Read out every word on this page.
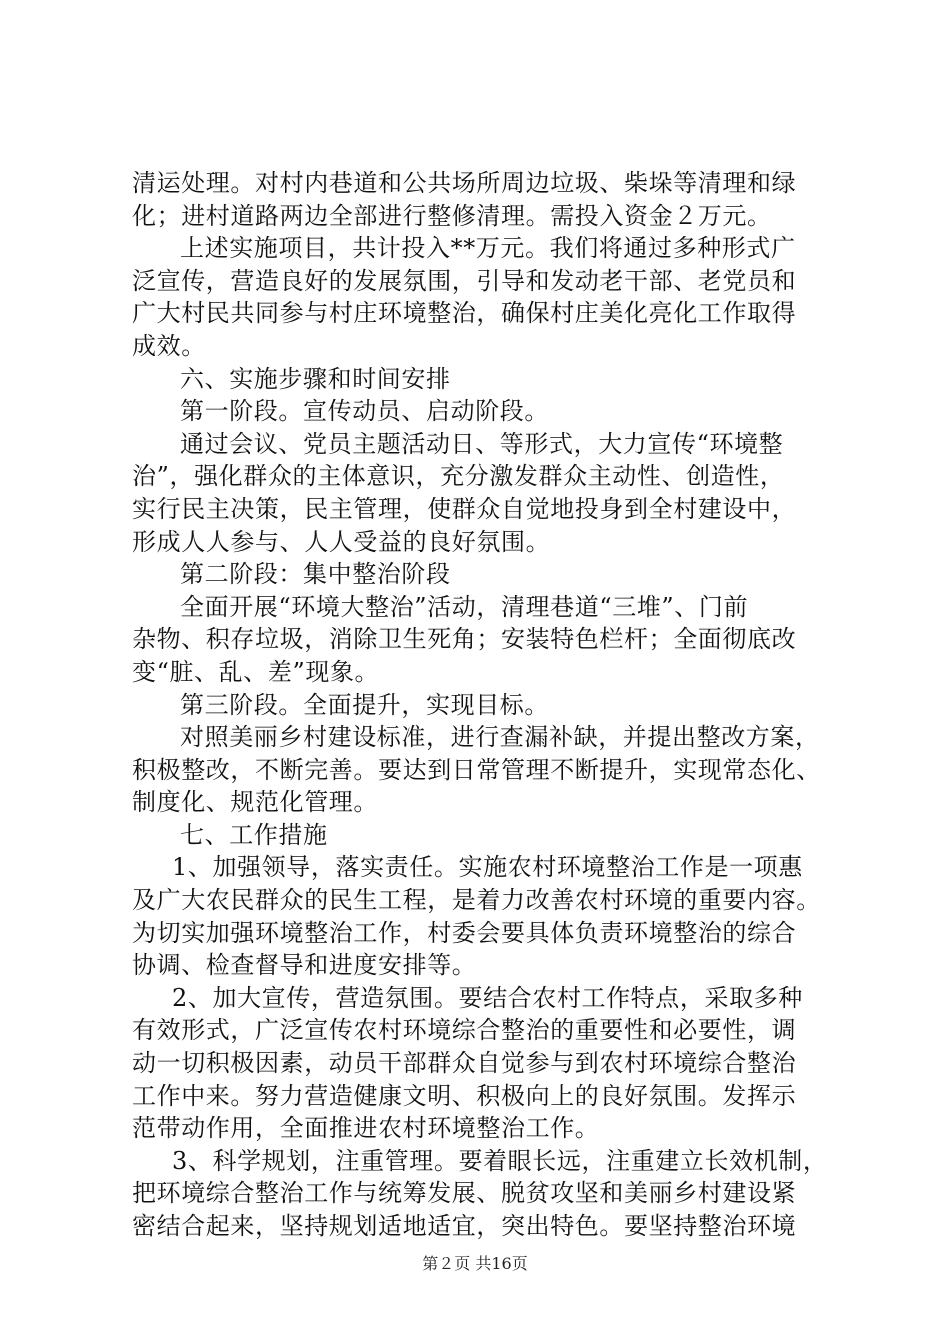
清运处理。对村内巷道和公共场所周边垃圾、柴垛等清理和绿
化；进村道路两边全部进行整修清理。需投入资金２万元。
上述实施项目，共计投入**万元。我们将通过多种形式广
泛宣传，营造良好的发展氛围，引导和发动老干部、老党员和
广大村民共同参与村庄环境整治，确保村庄美化亮化工作取得
成效。
六、实施步骤和时间安排
第一阶段。宣传动员、启动阶段。
通过会议、党员主题活动日、等形式，大力宣传“环境整
治”，强化群众的主体意识，充分激发群众主动性、创造性，
实行民主决策，民主管理，使群众自觉地投身到全村建设中，
形成人人参与、人人受益的良好氛围。
第二阶段：集中整治阶段
全面开展“环境大整治”活动，清理巷道“三堆”、门前
杂物、积存垃圾，消除卫生死角；安装特色栏杆；全面彻底改
变“脏、乱、差”现象。
第三阶段。全面提升，实现目标。
对照美丽乡村建设标准，进行查漏补缺，并提出整改方案，
积极整改，不断完善。要达到日常管理不断提升，实现常态化、
制度化、规范化管理。
七、工作措施
1、加强领导，落实责任。实施农村环境整治工作是一项惠
及广大农民群众的民生工程，是着力改善农村环境的重要内容。
为切实加强环境整治工作，村委会要具体负责环境整治的综合
协调、检查督导和进度安排等。
2、加大宣传，营造氛围。要结合农村工作特点，采取多种
有效形式，广泛宣传农村环境综合整治的重要性和必要性，调
动一切积极因素，动员干部群众自觉参与到农村环境综合整治
工作中来。努力营造健康文明、积极向上的良好氛围。发挥示
范带动作用，全面推进农村环境整治工作。
3、科学规划，注重管理。要着眼长远，注重建立长效机制，
把环境综合整治工作与统筹发展、脱贫攻坚和美丽乡村建设紧
密结合起来，坚持规划适地适宜，突出特色。要坚持整治环境
第２页 共16页
